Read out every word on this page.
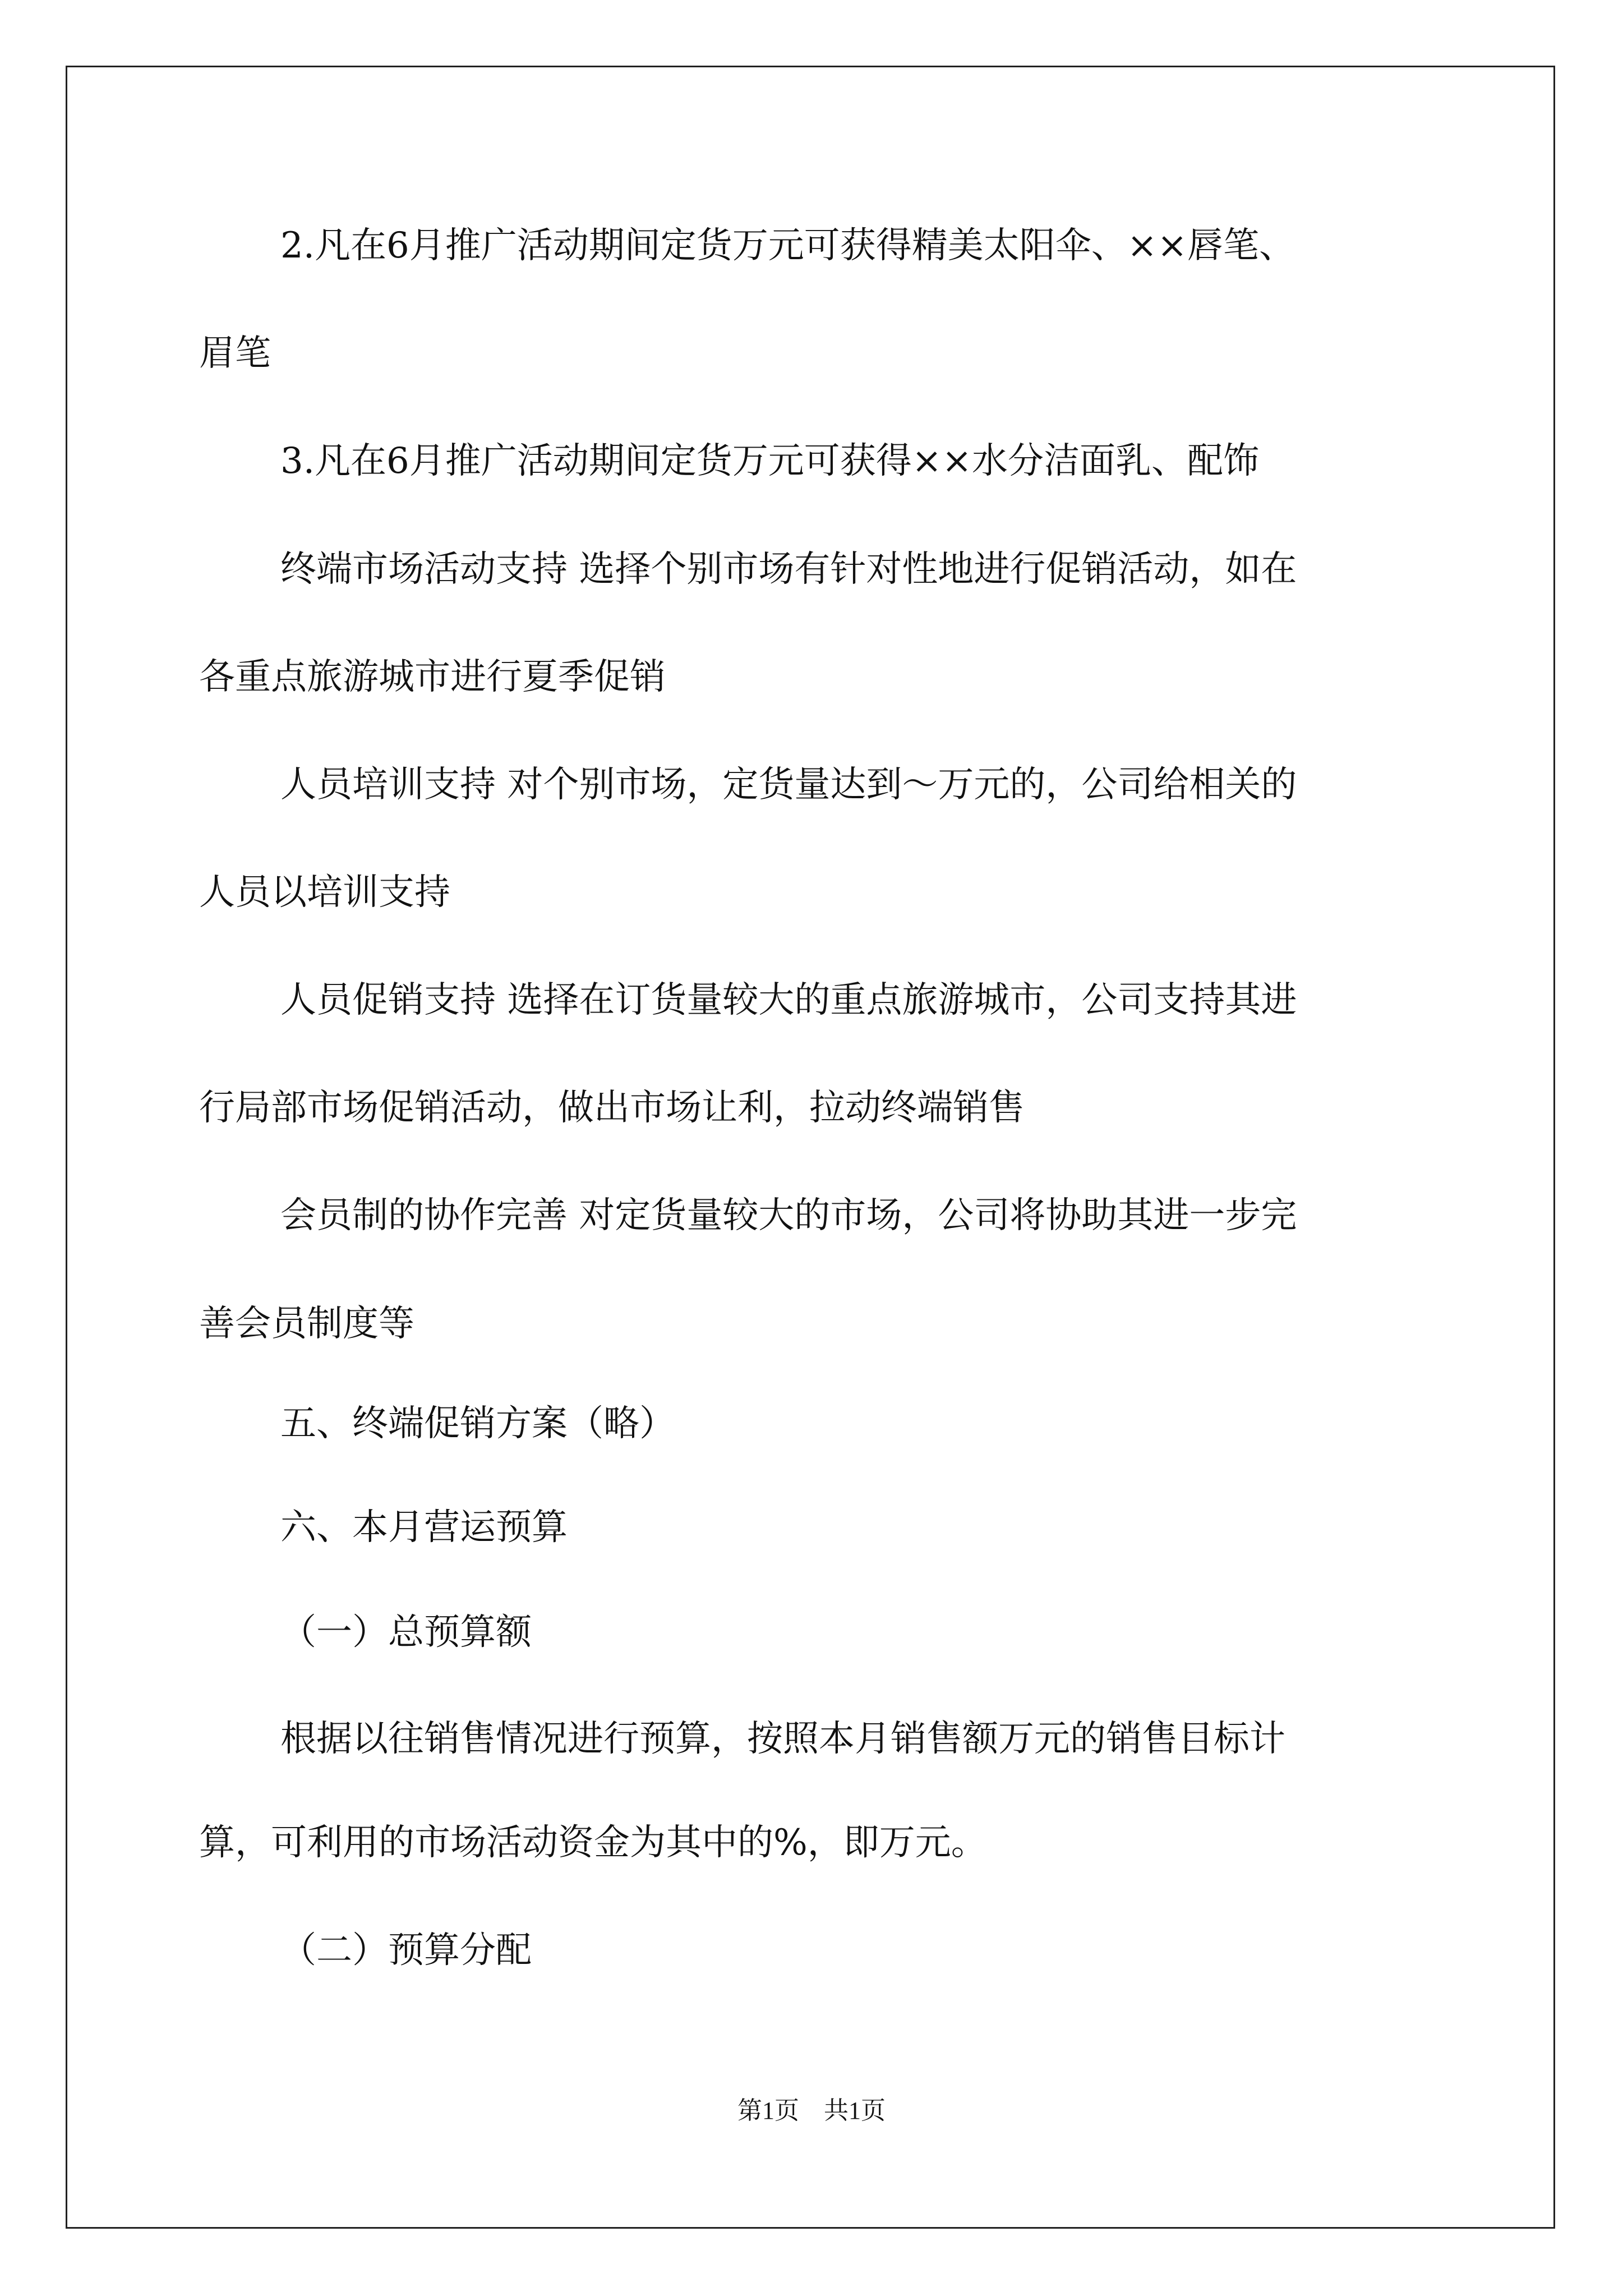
2.凡在6月推广活动期间定货万元可获得精美太阳伞、××唇笔、
眉笔
3.凡在6月推广活动期间定货万元可获得××水分洁面乳、配饰
终端市场活动支持 选择个别市场有针对性地进行促销活动，如在
各重点旅游城市进行夏季促销
人员培训支持 对个别市场，定货量达到～万元的，公司给相关的
人员以培训支持
人员促销支持 选择在订货量较大的重点旅游城市，公司支持其进
行局部市场促销活动，做出市场让利，拉动终端销售
会员制的协作完善 对定货量较大的市场，公司将协助其进一步完
善会员制度等
五、终端促销方案（略）
六、本月营运预算
（一）总预算额
根据以往销售情况进行预算，按照本月销售额万元的销售目标计
算，可利用的市场活动资金为其中的%，即万元。
（二）预算分配
第1页　共1页
